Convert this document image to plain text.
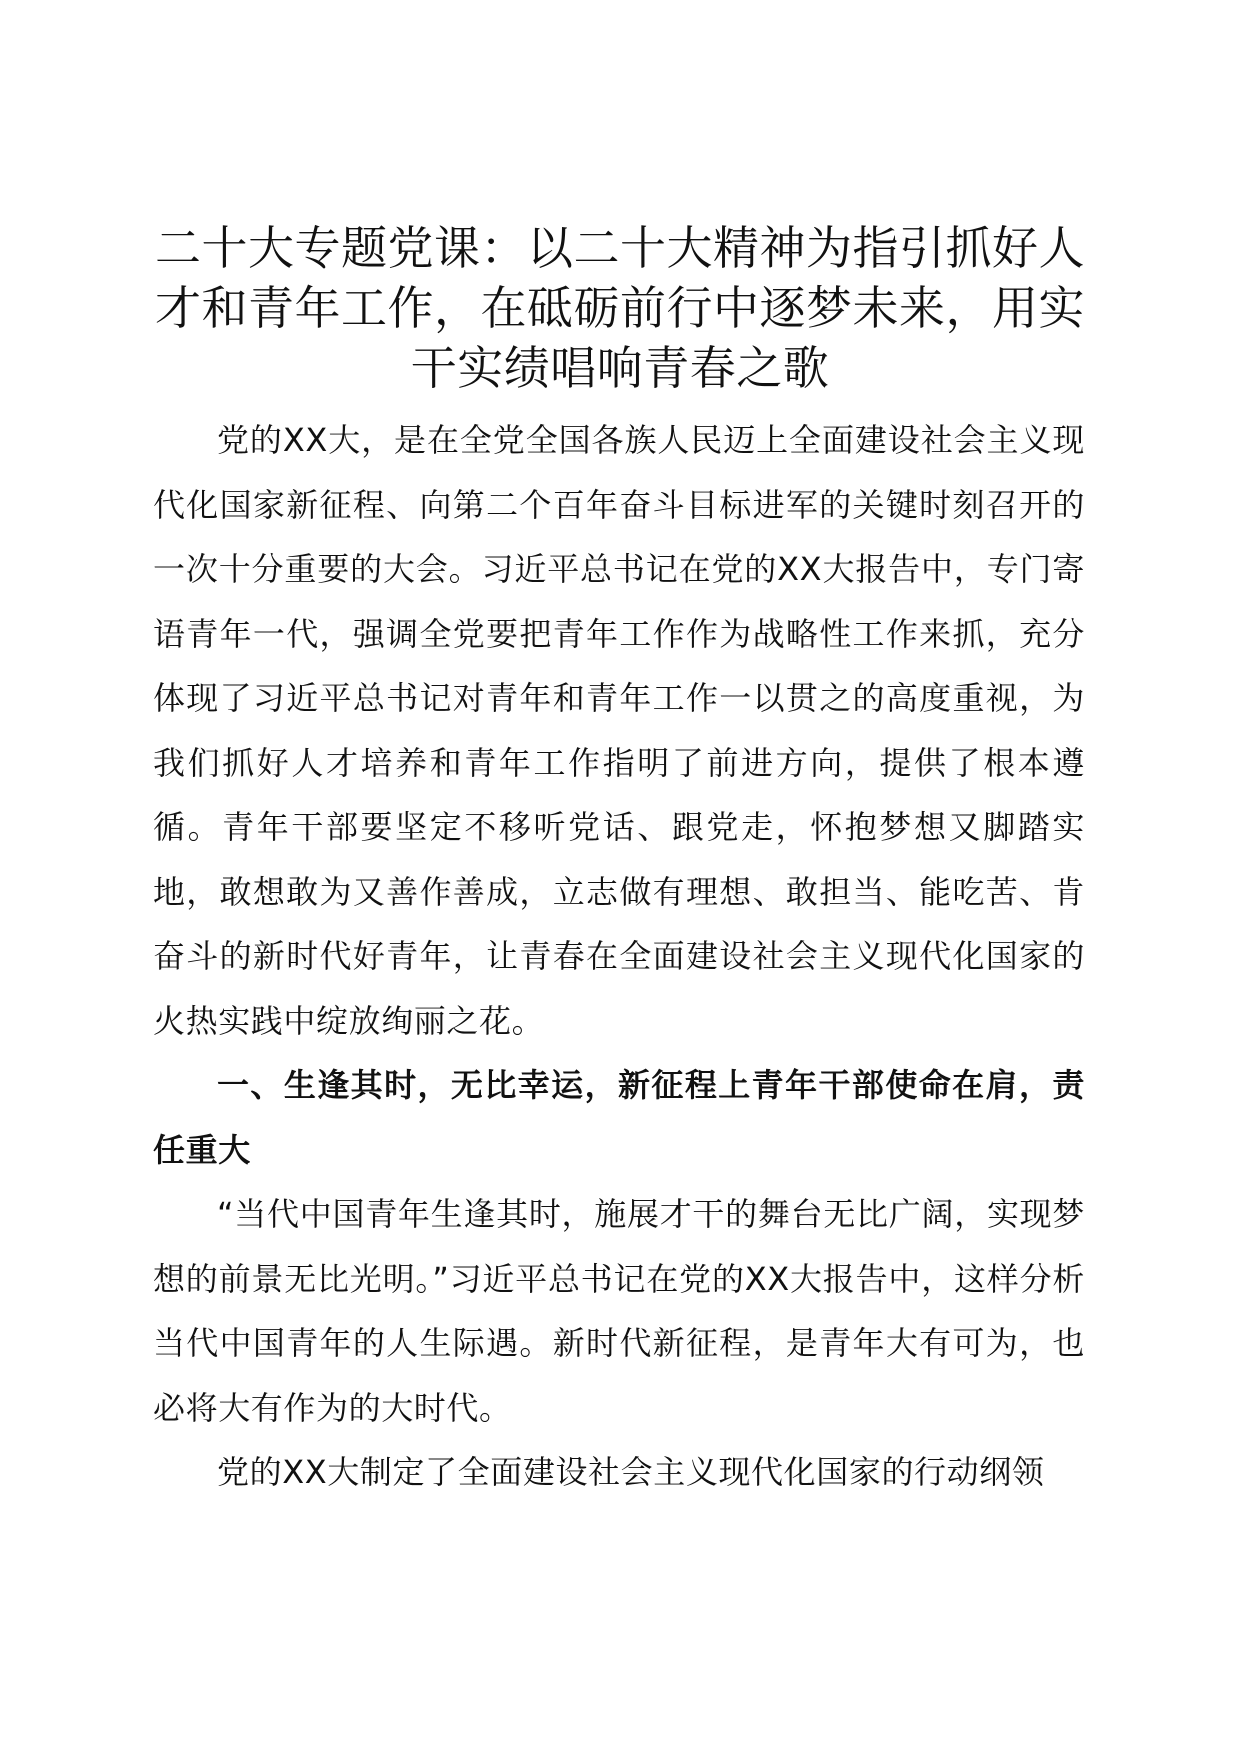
二十大专题党课：以二十大精神为指引抓好人才和青年工作，在砥砺前行中逐梦未来，用实干实绩唱响青春之歌

党的XX大，是在全党全国各族人民迈上全面建设社会主义现代化国家新征程、向第二个百年奋斗目标进军的关键时刻召开的一次十分重要的大会。习近平总书记在党的XX大报告中，专门寄语青年一代，强调全党要把青年工作作为战略性工作来抓，充分体现了习近平总书记对青年和青年工作一以贯之的高度重视，为我们抓好人才培养和青年工作指明了前进方向，提供了根本遵循。青年干部要坚定不移听党话、跟党走，怀抱梦想又脚踏实地，敢想敢为又善作善成，立志做有理想、敢担当、能吃苦、肯奋斗的新时代好青年，让青春在全面建设社会主义现代化国家的火热实践中绽放绚丽之花。

一、生逢其时，无比幸运，新征程上青年干部使命在肩，责任重大

“当代中国青年生逢其时，施展才干的舞台无比广阔，实现梦想的前景无比光明。”习近平总书记在党的XX大报告中，这样分析当代中国青年的人生际遇。新时代新征程，是青年大有可为，也必将大有作为的大时代。

党的XX大制定了全面建设社会主义现代化国家的行动纲领
